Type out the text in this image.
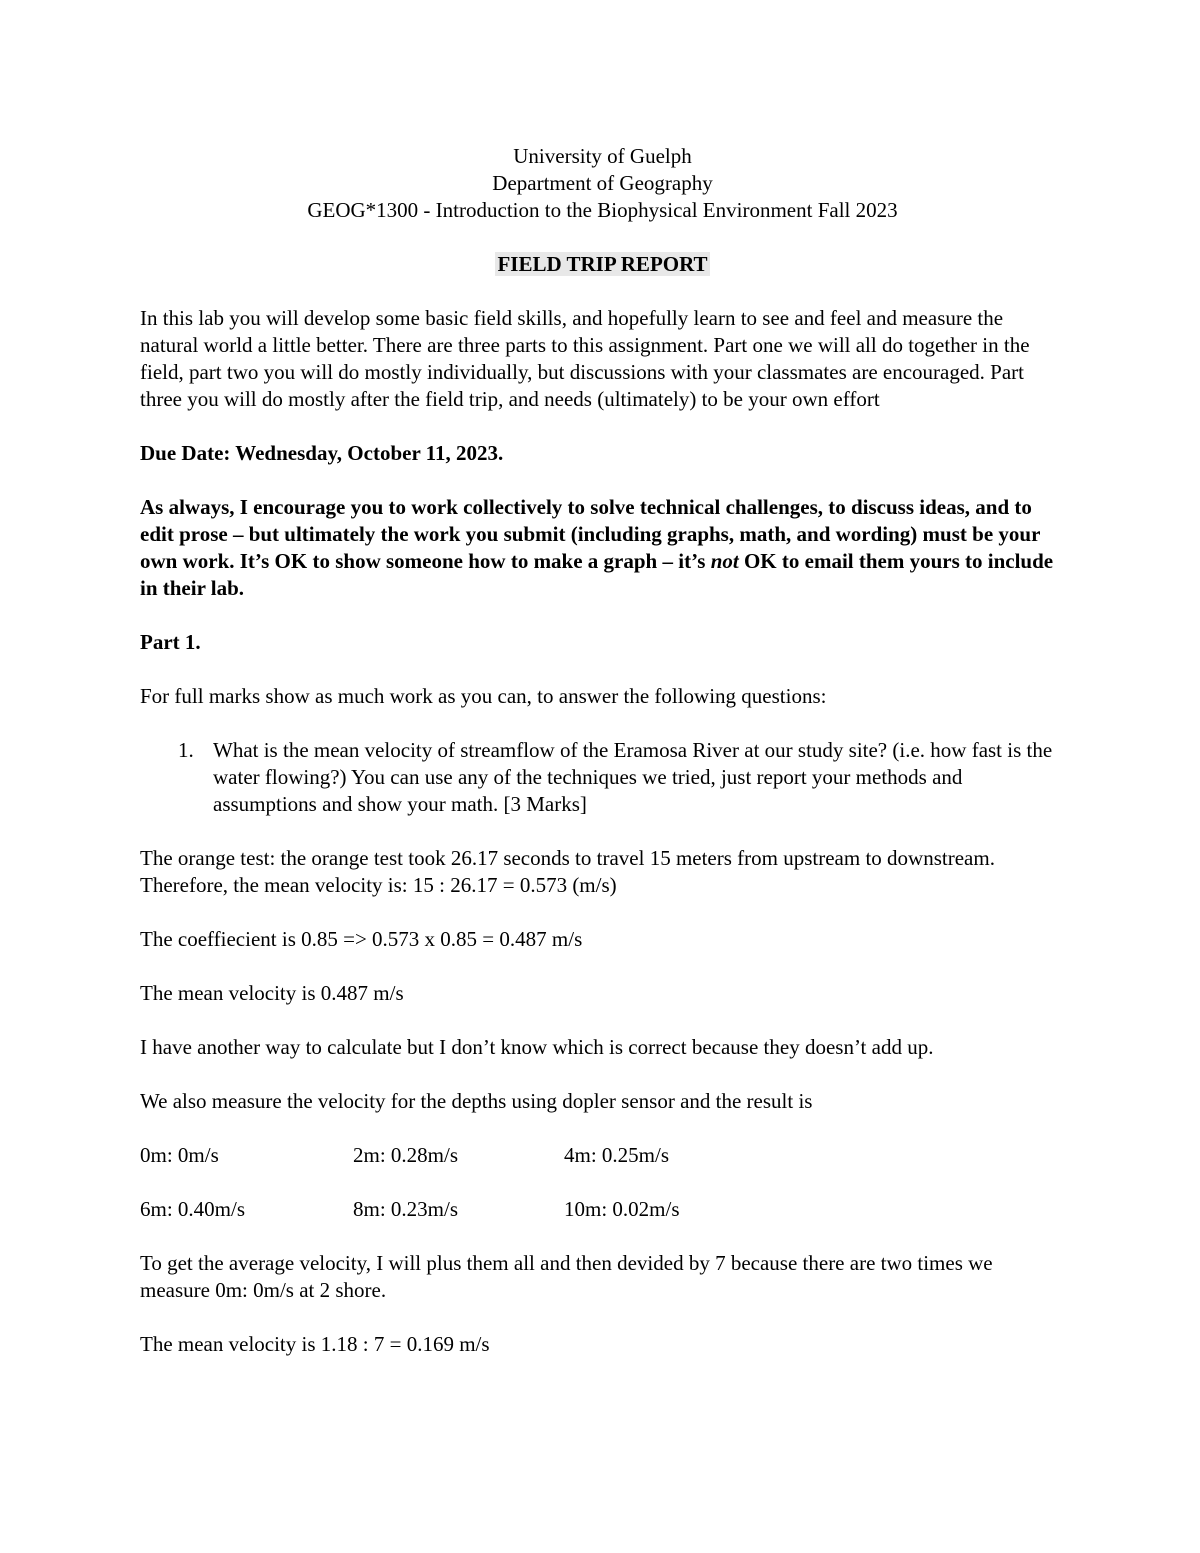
University of Guelph
Department of Geography
GEOG*1300 - Introduction to the Biophysical Environment Fall 2023
FIELD TRIP REPORT

In this lab you will develop some basic field skills, and hopefully learn to see and feel and measure the natural world a little better. There are three parts to this assignment. Part one we will all do together in the field, part two you will do mostly individually, but discussions with your classmates are encouraged. Part three you will do mostly after the field trip, and needs (ultimately) to be your own effort

Due Date: Wednesday, October 11, 2023.

As always, I encourage you to work collectively to solve technical challenges, to discuss ideas, and to edit prose – but ultimately the work you submit (including graphs, math, and wording) must be your own work. It’s OK to show someone how to make a graph – it’s not OK to email them yours to include in their lab.

Part 1.

For full marks show as much work as you can, to answer the following questions:

1. What is the mean velocity of streamflow of the Eramosa River at our study site? (i.e. how fast is the water flowing?) You can use any of the techniques we tried, just report your methods and assumptions and show your math. [3 Marks]

The orange test: the orange test took 26.17 seconds to travel 15 meters from upstream to downstream. Therefore, the mean velocity is: 15 : 26.17 = 0.573 (m/s)

The coeffiecient is 0.85 => 0.573 x 0.85 = 0.487 m/s

The mean velocity is 0.487 m/s

I have another way to calculate but I don’t know which is correct because they doesn’t add up.

We also measure the velocity for the depths using dopler sensor and the result is

0m: 0m/s	2m: 0.28m/s	4m: 0.25m/s
6m: 0.40m/s	8m: 0.23m/s	10m: 0.02m/s

To get the average velocity, I will plus them all and then devided by 7 because there are two times we measure 0m: 0m/s at 2 shore.

The mean velocity is 1.18 : 7 = 0.169 m/s
